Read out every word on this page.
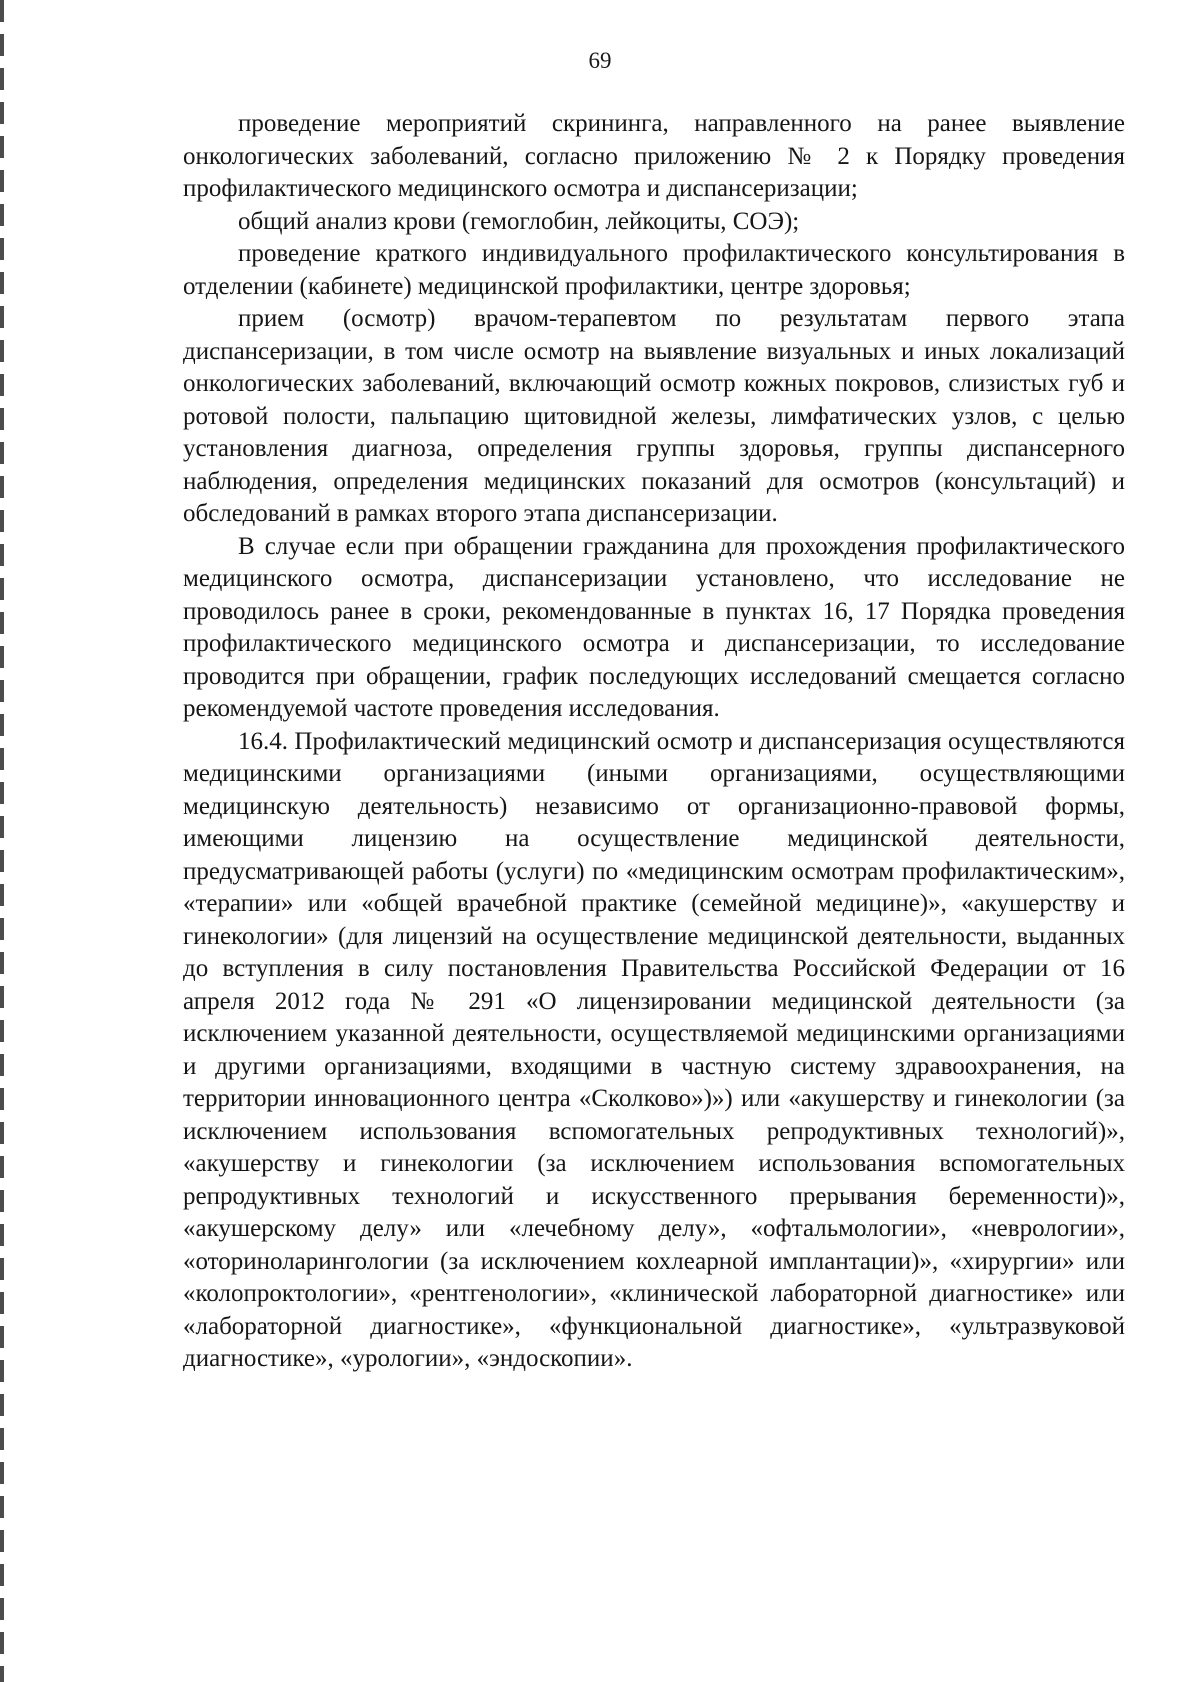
69

проведение мероприятий скрининга, направленного на ранее выявление онкологических заболеваний, согласно приложению № 2 к Порядку проведения профилактического медицинского осмотра и диспансеризации;

общий анализ крови (гемоглобин, лейкоциты, СОЭ);

проведение краткого индивидуального профилактического консультирования в отделении (кабинете) медицинской профилактики, центре здоровья;

прием (осмотр) врачом-терапевтом по результатам первого этапа диспансеризации, в том числе осмотр на выявление визуальных и иных локализаций онкологических заболеваний, включающий осмотр кожных покровов, слизистых губ и ротовой полости, пальпацию щитовидной железы, лимфатических узлов, с целью установления диагноза, определения группы здоровья, группы диспансерного наблюдения, определения медицинских показаний для осмотров (консультаций) и обследований в рамках второго этапа диспансеризации.

В случае если при обращении гражданина для прохождения профилактического медицинского осмотра, диспансеризации установлено, что исследование не проводилось ранее в сроки, рекомендованные в пунктах 16, 17 Порядка проведения профилактического медицинского осмотра и диспансеризации, то исследование проводится при обращении, график последующих исследований смещается согласно рекомендуемой частоте проведения исследования.

16.4. Профилактический медицинский осмотр и диспансеризация осуществляются медицинскими организациями (иными организациями, осуществляющими медицинскую деятельность) независимо от организационно-правовой формы, имеющими лицензию на осуществление медицинской деятельности, предусматривающей работы (услуги) по «медицинским осмотрам профилактическим», «терапии» или «общей врачебной практике (семейной медицине)», «акушерству и гинекологии» (для лицензий на осуществление медицинской деятельности, выданных до вступления в силу постановления Правительства Российской Федерации от 16 апреля 2012 года № 291 «О лицензировании медицинской деятельности (за исключением указанной деятельности, осуществляемой медицинскими организациями и другими организациями, входящими в частную систему здравоохранения, на территории инновационного центра «Сколково»)») или «акушерству и гинекологии (за исключением использования вспомогательных репродуктивных технологий)», «акушерству и гинекологии (за исключением использования вспомогательных репродуктивных технологий и искусственного прерывания беременности)», «акушерскому делу» или «лечебному делу», «офтальмологии», «неврологии», «оториноларингологии (за исключением кохлеарной имплантации)», «хирургии» или «колопроктологии», «рентгенологии», «клинической лабораторной диагностике» или «лабораторной диагностике», «функциональной диагностике», «ультразвуковой диагностике», «урологии», «эндоскопии».
